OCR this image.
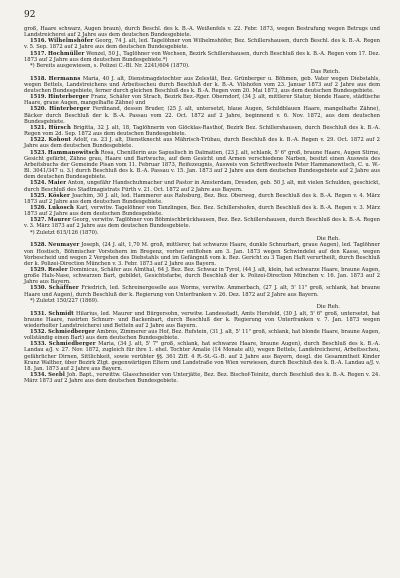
92

groß, Haare schwarz, Augen braun), durch Beschl. des k. B.-A. Weißenfels v. 22. Febr. 1873, wegen Bestrafung wegen Betrugs und Landstreicherei auf 2 Jahre aus dem deutschen Bundesgebiete.

1516. Wilhelmshöfer Georg, 74 J. alt, led. Tagelöhner von Wilhelmshöfer, Bez. Schillershausen, durch Beschl. des k. B.-A. Regen v. 5. Sep. 1872 auf 2 Jahre aus dem deutschen Bundesgebiete.

1517. Hochmüller Wenzel, 50 J., Taglöhner von Wechsen, Bezirk Schillershausen, durch Beschluß des k. B.-A. Regen vom 17. Dez. 1873 auf 2 Jahre aus dem deutschen Bundesgebiete.*)

*) Bereits ausgewiesen, s. Polizei C.-Bl. Nr. 2241/604 (1870).

Das Reich.

1518. Hermanns Maria, 40 J. alt, Dienstmagdstochter aus Zelestät, Bez. Grünberger u. Böhmen, geb. Vater wegen Diebstahls, wegen Bettels, Landstreichens und Arbeitsscheu durch Beschluß der k. B.-A. Vilshofen vom 23. Januar 1873 auf 2 Jahre aus dem deutschen Bundesgebiete, ferner durch gleichen Beschluß des k. B.-A. Regen vom 20. Mai 1873, aus dem deutschen Bundesgebiete.

1519. Hinterberger Franz, Schäfer von Strach, Bezirk Bez.-Rger. Oberndorf, (34 J. alt, mittlerer Statur, blonde Haare, städtische Haare, graue Augen, mangelhafte Zähne) und

1520. Hinterberger Ferdinand, dessen Bruder, (25 J. alt, untersetzt, blaue Augen, Schildblauen Haare, mangelhafte Zähne), Bäcker durch Beschluß der k. B.-A. Passau vom 22. Oct. 1872 auf 2 Jahre, beginnend v. 6. Nov. 1872, aus dem deutschen Bundesgebiete.

1521. Hürsch Brigitta, 32 J. alt, 18, Taglöhnerin von Glöcklas-Rasthof, Bezirk Bez. Schillershausen, durch Beschluß des k. B.-A. Regen vom 2d. Sep. 1872 aus dem deutschen Bundesgebiete.

1522. Kohout Adolf, ca. 23 J. alt, Dienstknecht aus Mährisch-Trübau, durch Beschluß des k. B.-A. Regen v. 29. Oct. 1872 auf 2 Jahre aus dem deutschen Bundesgebiete.

1523. Hammanowitsch Rosa, Chenillerin aus Sapuslisch in Dalmatien, (23 J. alt, schlank, 5' 6" groß, braune Haare, Augen Stirne, Gesicht gefärbt, Zähne grau, Haare und Bartwuchs, auf dem Gesicht und Armen verschiedene Narben, besitzt einen Ausweis des Arbeitsbuchs der Gemeinde Pisan vom 11. Februar 1873, Reifezeugnis, Ausweis von Schriftwechseln Peter Hammanowitsch, C. u. W.-Bl. 3041/347 u. 3.) durch Beschluß des k. B.-A. Passau v. 15. Jan. 1873 auf 2 Jahre aus dem deutschen Bundesgebiete auf 2 Jahre aus dem deutschen Bundesgebiete.

1524. Maier Anton, ungefähr Handschuhmacher und Pastor in Amsterdam, Dresden, geb. 50 J. alt, mit vielen Schulden, geschickt, durch Beschluß des Stadtmagistrats Fürth v. 21. Oct. 1872 auf 2 Jahre aus Bayern.

1525. Kösker Joachim, 30 J. alt, led. Hammerer aus Rahsburg, Bez. Bez. Oberweg, durch Beschluß des k. B.-A. Regen v. 4. März 1873 auf 2 Jahre aus dem deutschen Bundesgebiete.

1526. Lukosch Karl, verwitw. Tagelöhner von Tanzlingen, Bez. Bez. Schillershofen, durch Beschluß des k. B.-A. Regen v. 3. März 1873 auf 2 Jahre aus dem deutschen Bundesgebiete.

1527. Maurer Georg, verwitw. Taglöhner von Böhmischbrückhausen, Bez. Bez. Schillershausen, durch Beschluß des k. B.-A. Regen v. 3. März 1873 auf 2 Jahre aus dem deutschen Bundesgebiete.

*) Zuletzt 615/126 (1870).

Die Reh.

1528. Neumayer Joseph, (24 J. alt, 1,70 M. groß, mittlerer, hat schwarze Haare, dunkle Schnurbart, graue Augen), led. Taglöhner von Hostisch, Böhmischer Vorstehern im Bregenz, vorher entflohen am 3. Jan. 1873 wegen Schwindelei auf den Kasse, wegen Vorbescheid und wegen 2 Vergehen des Diebstahls und im Gefängniß vom k. Bez. Gericht zu 3 Tagen Haft verurtheilt, durch Beschluß der k. Polizei-Direction München v. 3. Febr. 1873 auf 2 Jahre aus Bayern.

1529. Resler Dominicus, Schäfer aus Almthal, 64 J. Bez. Bez. Schwaz in Tyrol, (44 J. alt, klein, hat schwarze Haare, braune Augen, große Hals-Nase, schwarzen Bart, gebildet, Gesichtsfarbe, durch Beschluß der k. Polizei-Direction München v. 16. Jan. 1873 auf 2 Jahre aus Bayern.

1530. Schäffner Friedrich, led. Schreinergeselle aus Worms, verwitw. Ammerbach, (27 J. alt, 5' 11" groß, schlank, hat braune Haare und Augen), durch Beschluß der k. Regierung von Unterfranken v. 26. Dez. 1872 auf 2 Jahre aus Bayern.

*) Zuletzt 150/227 (1869).

Die Reh.

1531. Schmidt Hilarius, led. Maurer und Bürgersohn, verwitw. Landesstadt, Amts Hersfeld, (30 J. alt, 5' 6" groß, untersetzt, hat braune Haare, rasirten Schnurr- und Backenbart, durch Beschluß der k. Regierung von Unterfranken v. 7. Jan. 1873 wegen wiederholter Landstreicherei und Betteln auf 2 Jahre aus Bayern.

1532. Schmiedberger Ambros, Zimmerer aus Hof, Bez. Rufstein, (31 J. alt, 5' 11" groß, schlank, hat blonde Haare, braune Augen, vollständig einen Bart) aus dem deutschen Bundesgebiete.

1533. Schmiedberger Maria, (34 J. alt, 5' 7" groß, schlank, hat schwarze Haare, braune Augen), durch Beschluß des k. B.-A. Landau a/J. v. 27. Nov. 1872, zugleich für ihre 1. ehel. Tochter Amalie (14 Monate alt), wegen Bettels, Landstreicherei, Arbeitsscheu, gefährlicher Dirnen, Sittlichkeit, sowie verübter §§. 361 Ziff. 4 R.-St.-G.-B. auf 2 Jahre aus Bayern, desgl. die Gesammtheit Kinder Kranz Walther, über Bezirk Ztgt. gegenwärtigen Eltern und Landstraße von Wien verwiesen, durch Beschluß des k. B.-A. Landau a/J. v. 18. Jan. 1873 auf 2 Jahre aus Bayern.

1534. Seebl Joh. Bapt., verwittw. Glasschneider von Unterjätte, Bez. Bez. Bischof-Teinitz, durch Beschluß des k. B.-A. Regen v. 24. März 1873 auf 2 Jahre aus dem deutschen Bundesgebiete.
